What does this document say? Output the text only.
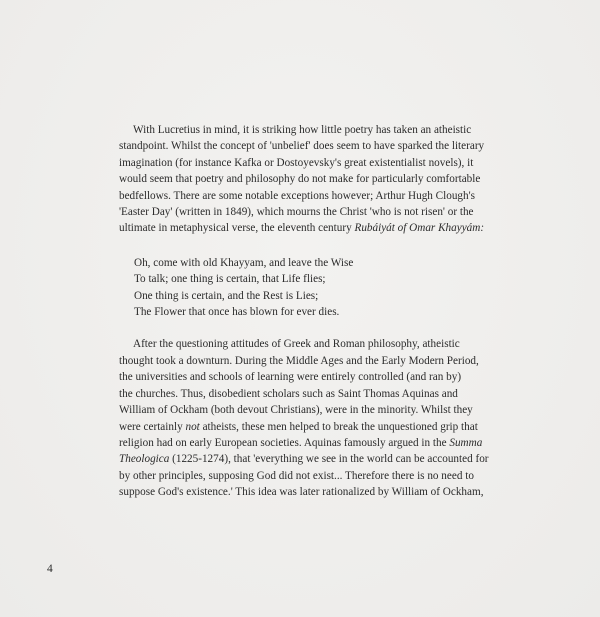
With Lucretius in mind, it is striking how little poetry has taken an atheistic
standpoint. Whilst the concept of 'unbelief' does seem to have sparked the literary
imagination (for instance Kafka or Dostoyevsky's great existentialist novels), it
would seem that poetry and philosophy do not make for particularly comfortable
bedfellows. There are some notable exceptions however; Arthur Hugh Clough's
'Easter Day' (written in 1849), which mourns the Christ 'who is not risen' or the
ultimate in metaphysical verse, the eleventh century Rubáiyát of Omar Khayyám:

Oh, come with old Khayyam, and leave the Wise
To talk; one thing is certain, that Life flies;
One thing is certain, and the Rest is Lies;
The Flower that once has blown for ever dies.

After the questioning attitudes of Greek and Roman philosophy, atheistic
thought took a downturn. During the Middle Ages and the Early Modern Period,
the universities and schools of learning were entirely controlled (and ran by)
the churches. Thus, disobedient scholars such as Saint Thomas Aquinas and
William of Ockham (both devout Christians), were in the minority. Whilst they
were certainly not atheists, these men helped to break the unquestioned grip that
religion had on early European societies. Aquinas famously argued in the Summa
Theologica (1225-1274), that 'everything we see in the world can be accounted for
by other principles, supposing God did not exist... Therefore there is no need to
suppose God's existence.' This idea was later rationalized by William of Ockham,

4
